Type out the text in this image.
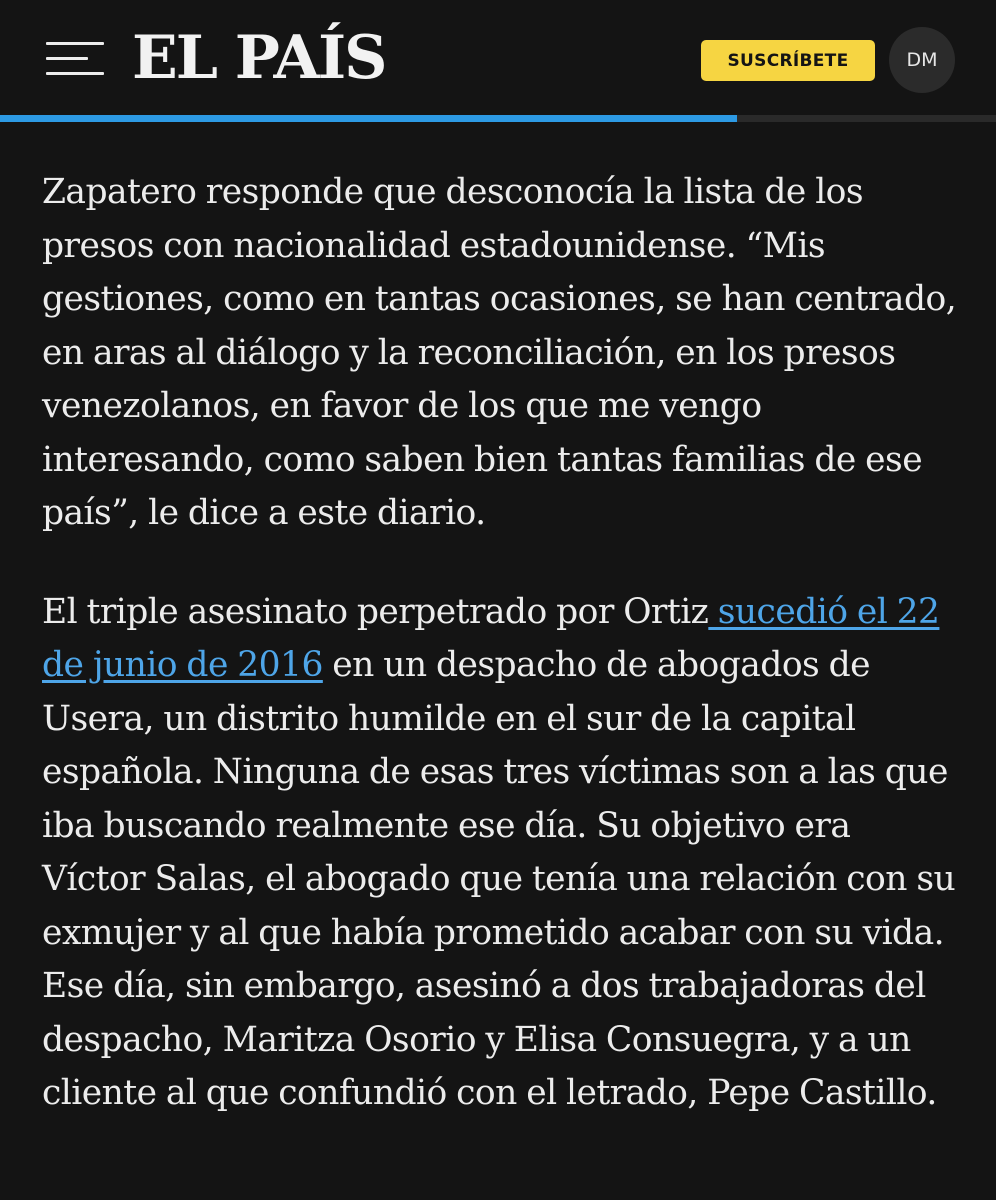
EL PAÍS	SUSCRÍBETE	DM

Zapatero responde que desconocía la lista de los presos con nacionalidad estadounidense. “Mis gestiones, como en tantas ocasiones, se han centrado, en aras al diálogo y la reconciliación, en los presos venezolanos, en favor de los que me vengo interesando, como saben bien tantas familias de ese país”, le dice a este diario.

El triple asesinato perpetrado por Ortiz sucedió el 22 de junio de 2016 en un despacho de abogados de Usera, un distrito humilde en el sur de la capital española. Ninguna de esas tres víctimas son a las que iba buscando realmente ese día. Su objetivo era Víctor Salas, el abogado que tenía una relación con su exmujer y al que había prometido acabar con su vida. Ese día, sin embargo, asesinó a dos trabajadoras del despacho, Maritza Osorio y Elisa Consuegra, y a un cliente al que confundió con el letrado, Pepe Castillo.
